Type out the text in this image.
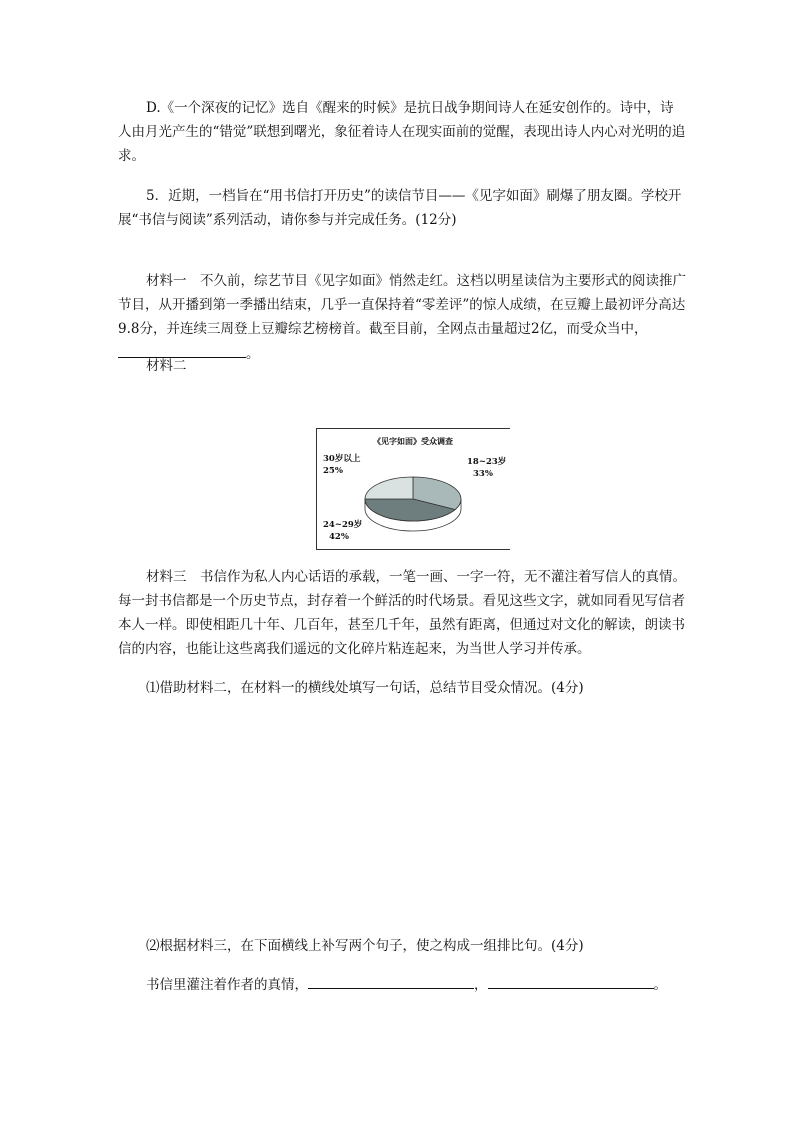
D.《一个深夜的记忆》选自《醒来的时候》是抗日战争期间诗人在延安创作的。诗中，诗人由月光产生的“错觉”联想到曙光，象征着诗人在现实面前的觉醒，表现出诗人内心对光明的追求。

5．近期，一档旨在“用书信打开历史”的读信节目——《见字如面》刷爆了朋友圈。学校开展“书信与阅读”系列活动，请你参与并完成任务。(12分)

材料一　不久前，综艺节目《见字如面》悄然走红。这档以明星读信为主要形式的阅读推广节目，从开播到第一季播出结束，几乎一直保持着“零差评”的惊人成绩，在豆瓣上最初评分高达9.8分，并连续三周登上豆瓣综艺榜榜首。截至目前，全网点击量超过2亿，而受众当中，。

材料二

《见字如面》受众调查
18~23岁
33%
24~29岁
42%
30岁以上
25%

材料三　书信作为私人内心话语的承载，一笔一画、一字一符，无不灌注着写信人的真情。每一封书信都是一个历史节点，封存着一个鲜活的时代场景。看见这些文字，就如同看见写信者本人一样。即使相距几十年、几百年，甚至几千年，虽然有距离，但通过对文化的解读，朗读书信的内容，也能让这些离我们遥远的文化碎片粘连起来，为当世人学习并传承。

⑴借助材料二，在材料一的横线处填写一句话，总结节目受众情况。(4分)

⑵根据材料三，在下面横线上补写两个句子，使之构成一组排比句。(4分)

书信里灌注着作者的真情，	，	。
